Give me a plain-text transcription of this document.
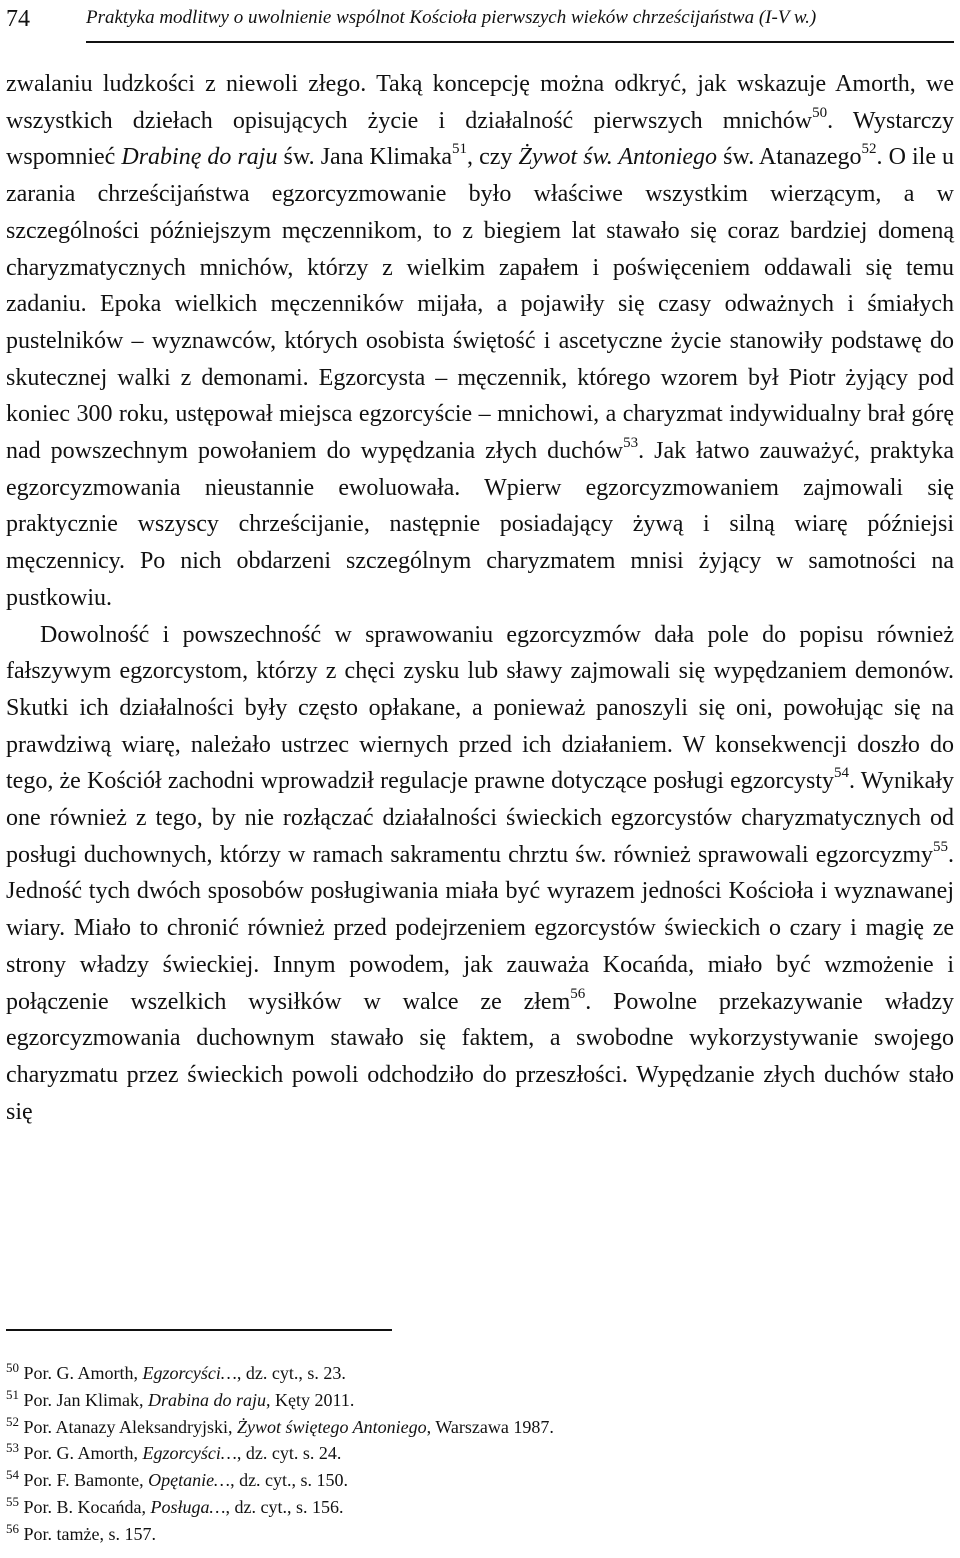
74	Praktyka modlitwy o uwolnienie wspólnot Kościoła pierwszych wieków chrześcijaństwa (I-V w.)

zwalaniu ludzkości z niewoli złego. Taką koncepcję można odkryć, jak wskazuje Amorth, we wszystkich dziełach opisujących życie i działalność pierwszych mnichów$^{50}$. Wystarczy wspomnieć Drabinę do raju św. Jana Klimaka$^{51}$, czy Żywot św. Antoniego św. Atanazego$^{52}$. O ile u zarania chrześcijaństwa egzorcyzmowanie było właściwe wszystkim wierzącym, a w szczególności późniejszym męczennikom, to z biegiem lat stawało się coraz bardziej domeną charyzmatycznych mnichów, którzy z wielkim zapałem i poświęceniem oddawali się temu zadaniu. Epoka wielkich męczenników mijała, a pojawiły się czasy odważnych i śmiałych pustelników – wyznawców, których osobista świętość i ascetyczne życie stanowiły podstawę do skutecznej walki z demonami. Egzorcysta – męczennik, którego wzorem był Piotr żyjący pod koniec 300 roku, ustępował miejsca egzorcyście – mnichowi, a charyzmat indywidualny brał górę nad powszechnym powołaniem do wypędzania złych duchów$^{53}$. Jak łatwo zauważyć, praktyka egzorcyzmowania nieustannie ewoluowała. Wpierw egzorcyzmowaniem zajmowali się praktycznie wszyscy chrześcijanie, następnie posiadający żywą i silną wiarę późniejsi męczennicy. Po nich obdarzeni szczególnym charyzmatem mnisi żyjący w samotności na pustkowiu.

Dowolność i powszechność w sprawowaniu egzorcyzmów dała pole do popisu również fałszywym egzorcystom, którzy z chęci zysku lub sławy zajmowali się wypędzaniem demonów. Skutki ich działalności były często opłakane, a ponieważ panoszyli się oni, powołując się na prawdziwą wiarę, należało ustrzec wiernych przed ich działaniem. W konsekwencji doszło do tego, że Kościół zachodni wprowadził regulacje prawne dotyczące posługi egzorcysty$^{54}$. Wynikały one również z tego, by nie rozłączać działalności świeckich egzorcystów charyzmatycznych od posługi duchownych, którzy w ramach sakramentu chrztu św. również sprawowali egzorcyzmy$^{55}$. Jedność tych dwóch sposobów posługiwania miała być wyrazem jedności Kościoła i wyznawanej wiary. Miało to chronić również przed podejrzeniem egzorcystów świeckich o czary i magię ze strony władzy świeckiej. Innym powodem, jak zauważa Kocańda, miało być wzmożenie i połączenie wszelkich wysiłków w walce ze złem$^{56}$. Powolne przekazywanie władzy egzorcyzmowania duchownym stawało się faktem, a swobodne wykorzystywanie swojego charyzmatu przez świeckich powoli odchodziło do przeszłości. Wypędzanie złych duchów stało się

$^{50}$ Por. G. Amorth, Egzorcyści…, dz. cyt., s. 23.

$^{51}$ Por. Jan Klimak, Drabina do raju, Kęty 2011.

$^{52}$ Por. Atanazy Aleksandryjski, Żywot świętego Antoniego, Warszawa 1987.

$^{53}$ Por. G. Amorth, Egzorcyści…, dz. cyt. s. 24.

$^{54}$ Por. F. Bamonte, Opętanie…, dz. cyt., s. 150.

$^{55}$ Por. B. Kocańda, Posługa…, dz. cyt., s. 156.

$^{56}$ Por. tamże, s. 157.
